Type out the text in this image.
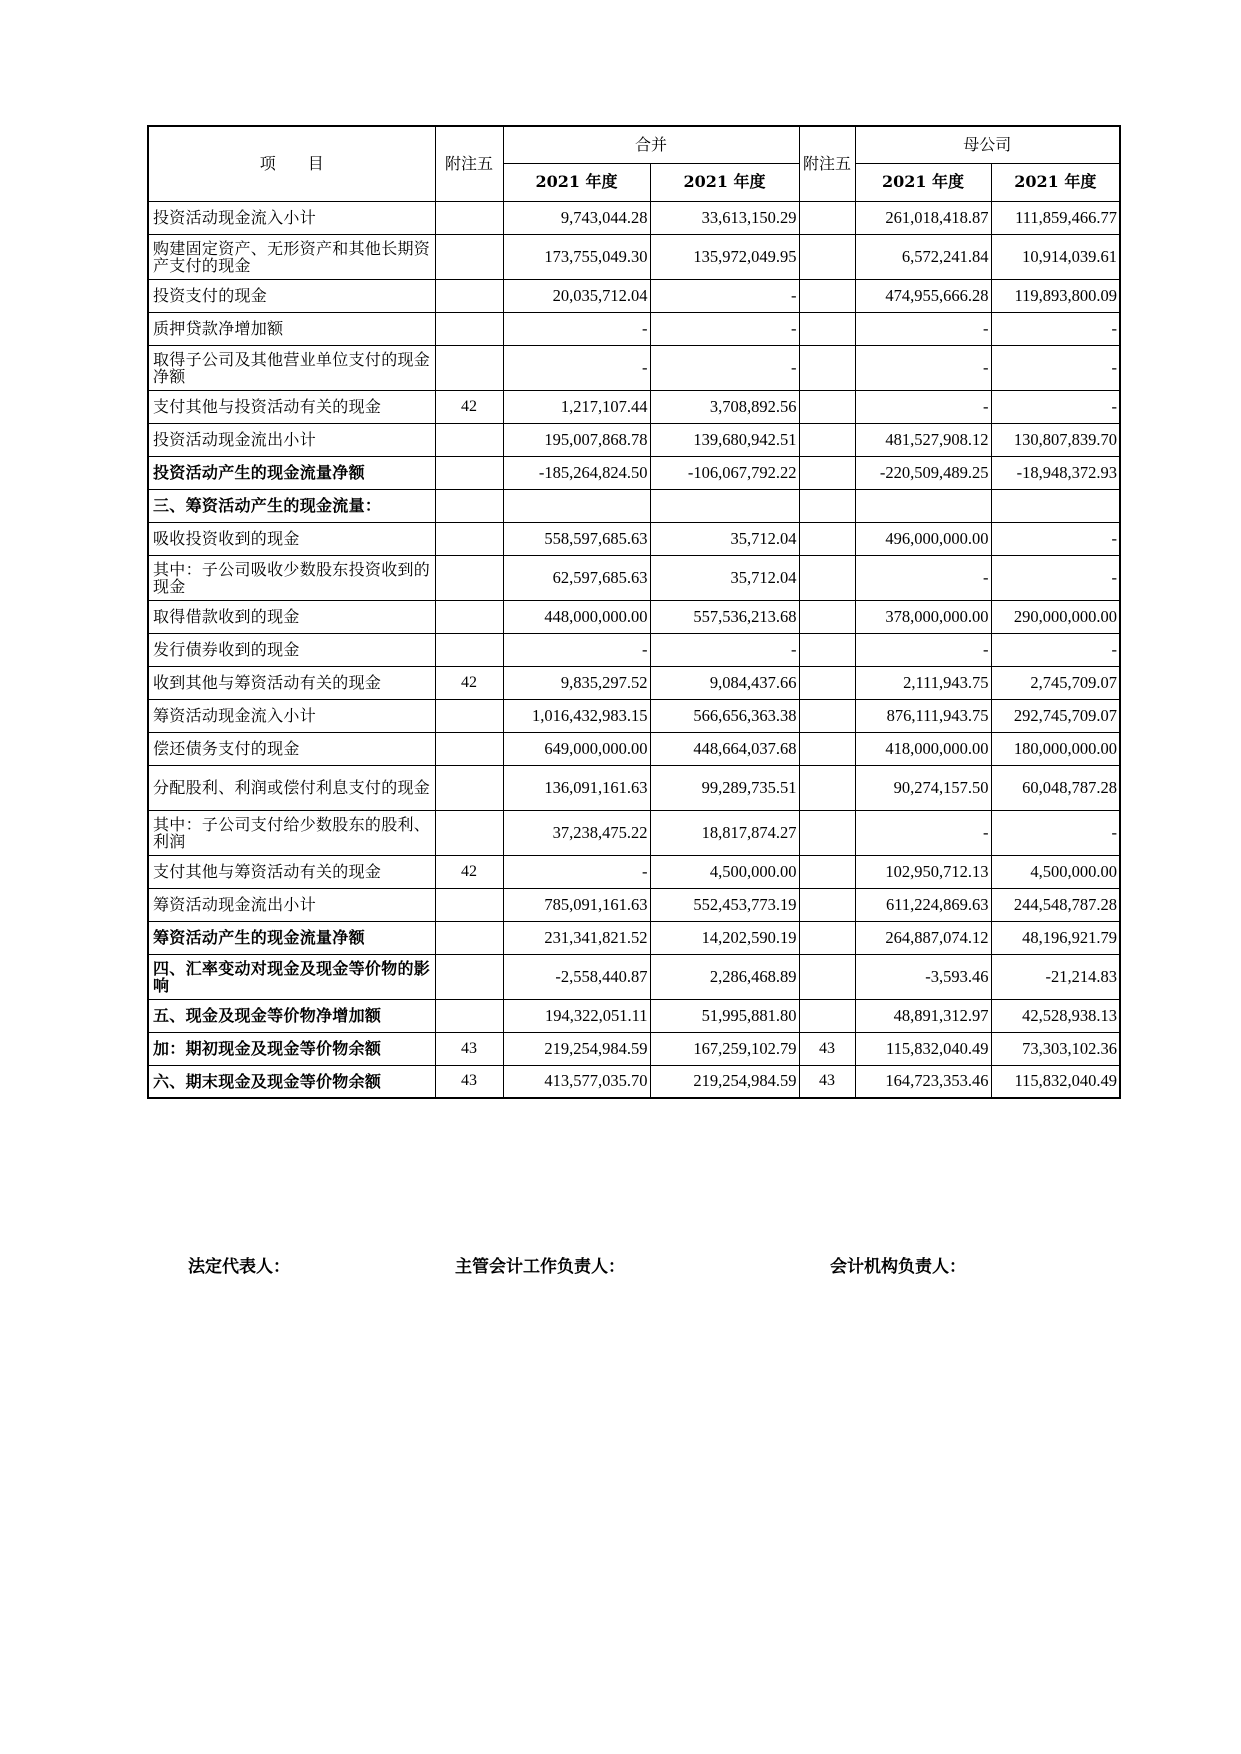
项　　目	附注五	合并		附注五	母公司	
		2021 年度	2021 年度		2021 年度	2021 年度
投资活动现金流入小计		9,743,044.28	33,613,150.29		261,018,418.87	111,859,466.77
购建固定资产、无形资产和其他长期资产支付的现金		173,755,049.30	135,972,049.95		6,572,241.84	10,914,039.61
投资支付的现金		20,035,712.04	-		474,955,666.28	119,893,800.09
质押贷款净增加额		-	-		-	-
取得子公司及其他营业单位支付的现金净额		-	-		-	-
支付其他与投资活动有关的现金	42	1,217,107.44	3,708,892.56		-	-
投资活动现金流出小计		195,007,868.78	139,680,942.51		481,527,908.12	130,807,839.70
投资活动产生的现金流量净额		-185,264,824.50	-106,067,792.22		-220,509,489.25	-18,948,372.93
三、筹资活动产生的现金流量：						
吸收投资收到的现金		558,597,685.63	35,712.04		496,000,000.00	-
其中：子公司吸收少数股东投资收到的现金		62,597,685.63	35,712.04		-	-
取得借款收到的现金		448,000,000.00	557,536,213.68		378,000,000.00	290,000,000.00
发行债券收到的现金		-	-		-	-
收到其他与筹资活动有关的现金	42	9,835,297.52	9,084,437.66		2,111,943.75	2,745,709.07
筹资活动现金流入小计		1,016,432,983.15	566,656,363.38		876,111,943.75	292,745,709.07
偿还债务支付的现金		649,000,000.00	448,664,037.68		418,000,000.00	180,000,000.00
分配股利、利润或偿付利息支付的现金		136,091,161.63	99,289,735.51		90,274,157.50	60,048,787.28
其中：子公司支付给少数股东的股利、利润		37,238,475.22	18,817,874.27		-	-
支付其他与筹资活动有关的现金	42	-	4,500,000.00		102,950,712.13	4,500,000.00
筹资活动现金流出小计		785,091,161.63	552,453,773.19		611,224,869.63	244,548,787.28
筹资活动产生的现金流量净额		231,341,821.52	14,202,590.19		264,887,074.12	48,196,921.79
四、汇率变动对现金及现金等价物的影响		-2,558,440.87	2,286,468.89		-3,593.46	-21,214.83
五、现金及现金等价物净增加额		194,322,051.11	51,995,881.80		48,891,312.97	42,528,938.13
加：期初现金及现金等价物余额	43	219,254,984.59	167,259,102.79	43	115,832,040.49	73,303,102.36
六、期末现金及现金等价物余额	43	413,577,035.70	219,254,984.59	43	164,723,353.46	115,832,040.49
法定代表人：	主管会计工作负责人：	会计机构负责人：
